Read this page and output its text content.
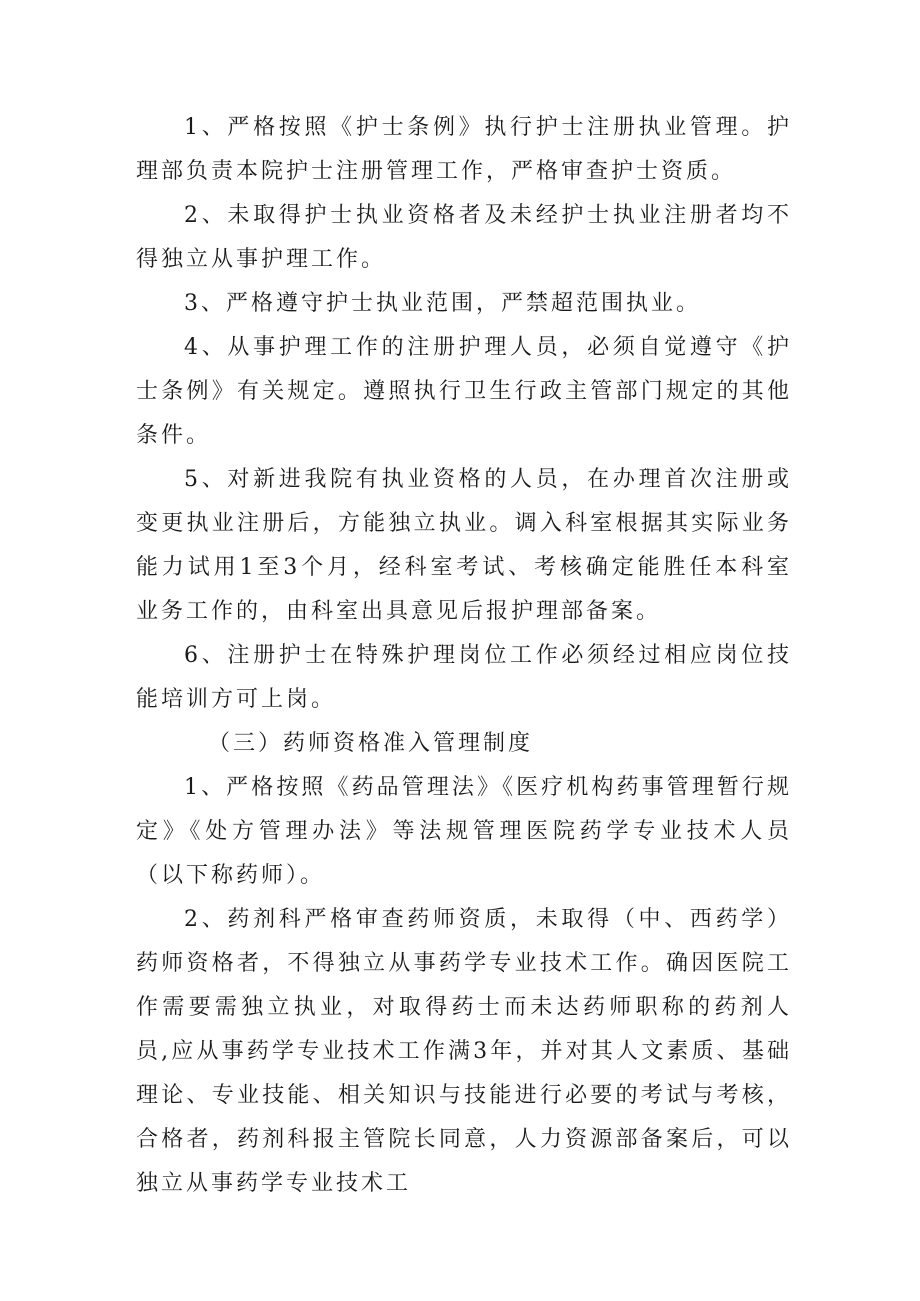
1、严格按照《护士条例》执行护士注册执业管理。护理部负责本院护士注册管理工作，严格审查护士资质。

2、未取得护士执业资格者及未经护士执业注册者均不得独立从事护理工作。

3、严格遵守护士执业范围，严禁超范围执业。

4、从事护理工作的注册护理人员，必须自觉遵守《护士条例》有关规定。遵照执行卫生行政主管部门规定的其他条件。

5、对新进我院有执业资格的人员，在办理首次注册或变更执业注册后，方能独立执业。调入科室根据其实际业务能力试用1至3个月，经科室考试、考核确定能胜任本科室业务工作的，由科室出具意见后报护理部备案。

6、注册护士在特殊护理岗位工作必须经过相应岗位技能培训方可上岗。

（三）药师资格准入管理制度

1、严格按照《药品管理法》《医疗机构药事管理暂行规定》《处方管理办法》等法规管理医院药学专业技术人员（以下称药师）。

2、药剂科严格审查药师资质，未取得（中、西药学）药师资格者，不得独立从事药学专业技术工作。确因医院工作需要需独立执业，对取得药士而未达药师职称的药剂人员,应从事药学专业技术工作满3年，并对其人文素质、基础理论、专业技能、相关知识与技能进行必要的考试与考核，合格者，药剂科报主管院长同意，人力资源部备案后，可以独立从事药学专业技术工
